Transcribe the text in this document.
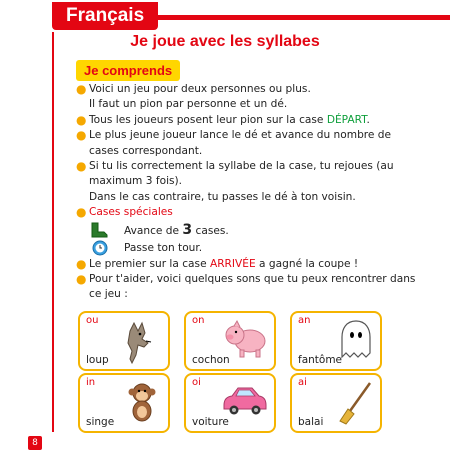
Français
Je joue avec les syllabes
Je comprends
● Voici un jeu pour deux personnes ou plus.
Il faut un pion par personne et un dé.
● Tous les joueurs posent leur pion sur la case DÉPART.
● Le plus jeune joueur lance le dé et avance du nombre de cases correspondant.
● Si tu lis correctement la syllabe de la case, tu rejoues (au maximum 3 fois).
Dans le cas contraire, tu passes le dé à ton voisin.
● Cases spéciales
Avance de 3 cases.
Passe ton tour.
● Le premier sur la case ARRIVÉE a gagné la coupe !
● Pour t'aider, voici quelques sons que tu peux rencontrer dans ce jeu :
ou
loup
on
cochon
an
fantôme
in
singe
oi
voiture
ai
balai
8
